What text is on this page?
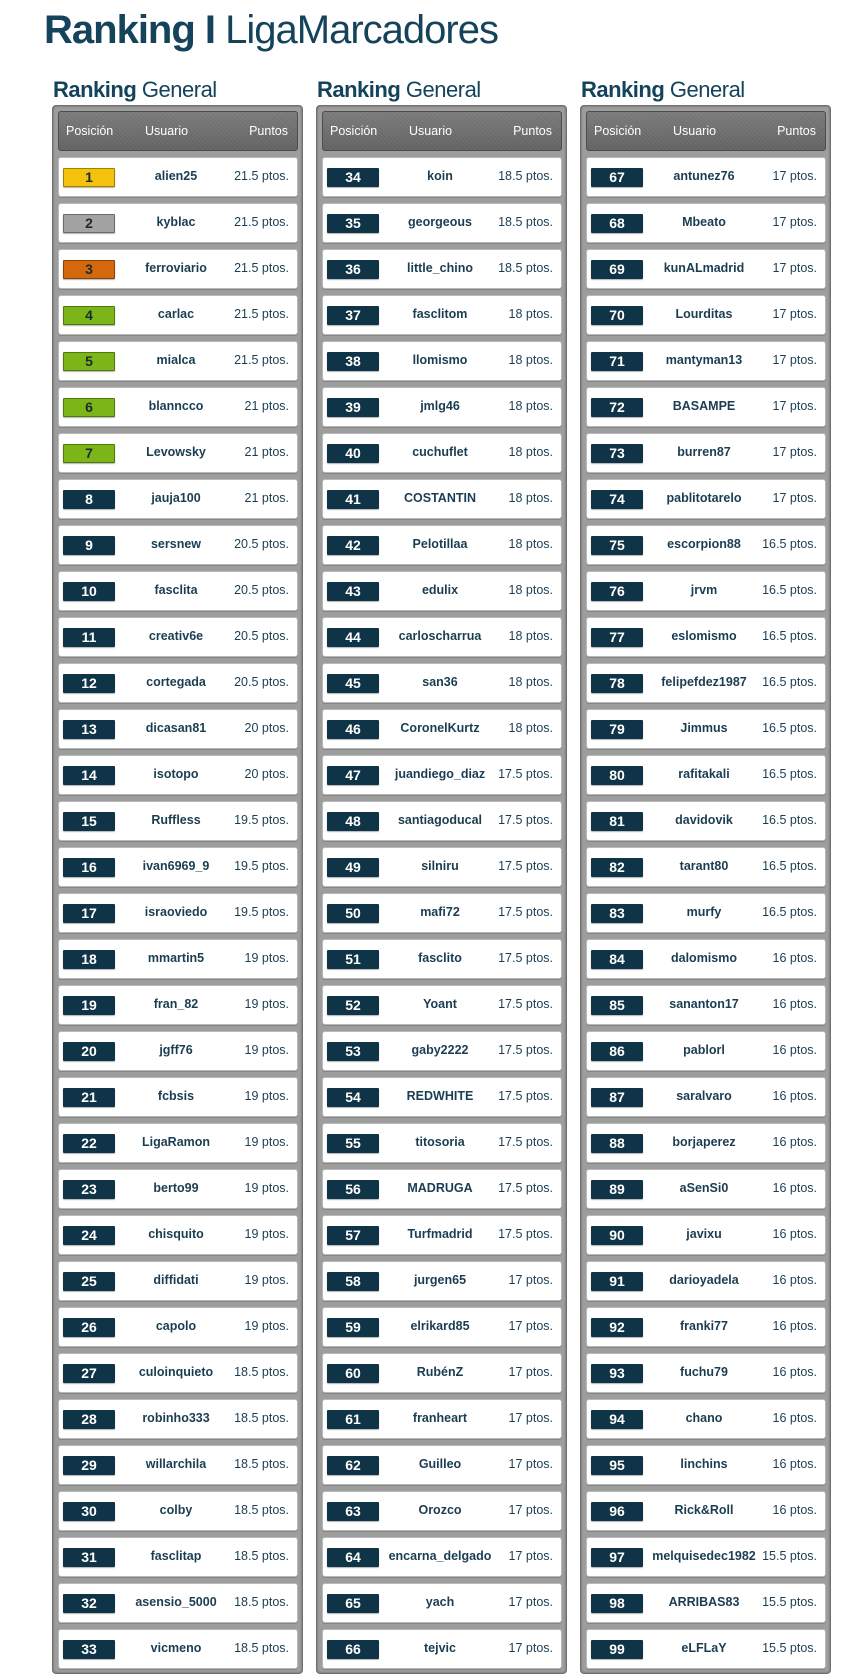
Ranking I LigaMarcadores
Ranking General
Posición	Usuario	Puntos
1	alien25	21.5 ptos.
2	kyblac	21.5 ptos.
3	ferroviario	21.5 ptos.
4	carlac	21.5 ptos.
5	mialca	21.5 ptos.
6	blanncco	21 ptos.
7	Levowsky	21 ptos.
8	jauja100	21 ptos.
9	sersnew	20.5 ptos.
10	fasclita	20.5 ptos.
11	creativ6e	20.5 ptos.
12	cortegada	20.5 ptos.
13	dicasan81	20 ptos.
14	isotopo	20 ptos.
15	Ruffless	19.5 ptos.
16	ivan6969_9	19.5 ptos.
17	israoviedo	19.5 ptos.
18	mmartin5	19 ptos.
19	fran_82	19 ptos.
20	jgff76	19 ptos.
21	fcbsis	19 ptos.
22	LigaRamon	19 ptos.
23	berto99	19 ptos.
24	chisquito	19 ptos.
25	diffidati	19 ptos.
26	capolo	19 ptos.
27	culoinquieto	18.5 ptos.
28	robinho333	18.5 ptos.
29	willarchila	18.5 ptos.
30	colby	18.5 ptos.
31	fasclitap	18.5 ptos.
32	asensio_5000	18.5 ptos.
33	vicmeno	18.5 ptos.
Ranking General
Posición	Usuario	Puntos
34	koin	18.5 ptos.
35	georgeous	18.5 ptos.
36	little_chino	18.5 ptos.
37	fasclitom	18 ptos.
38	llomismo	18 ptos.
39	jmlg46	18 ptos.
40	cuchuflet	18 ptos.
41	COSTANTIN	18 ptos.
42	Pelotillaa	18 ptos.
43	edulix	18 ptos.
44	carloscharrua	18 ptos.
45	san36	18 ptos.
46	CoronelKurtz	18 ptos.
47	juandiego_diaz	17.5 ptos.
48	santiagoducal	17.5 ptos.
49	silniru	17.5 ptos.
50	mafi72	17.5 ptos.
51	fasclito	17.5 ptos.
52	Yoant	17.5 ptos.
53	gaby2222	17.5 ptos.
54	REDWHITE	17.5 ptos.
55	titosoria	17.5 ptos.
56	MADRUGA	17.5 ptos.
57	Turfmadrid	17.5 ptos.
58	jurgen65	17 ptos.
59	elrikard85	17 ptos.
60	RubénZ	17 ptos.
61	franheart	17 ptos.
62	Guilleo	17 ptos.
63	Orozco	17 ptos.
64	encarna_delgado	17 ptos.
65	yach	17 ptos.
66	tejvic	17 ptos.
Ranking General
Posición	Usuario	Puntos
67	antunez76	17 ptos.
68	Mbeato	17 ptos.
69	kunALmadrid	17 ptos.
70	Lourditas	17 ptos.
71	mantyman13	17 ptos.
72	BASAMPE	17 ptos.
73	burren87	17 ptos.
74	pablitotarelo	17 ptos.
75	escorpion88	16.5 ptos.
76	jrvm	16.5 ptos.
77	eslomismo	16.5 ptos.
78	felipefdez1987	16.5 ptos.
79	Jimmus	16.5 ptos.
80	rafitakali	16.5 ptos.
81	davidovik	16.5 ptos.
82	tarant80	16.5 ptos.
83	murfy	16.5 ptos.
84	dalomismo	16 ptos.
85	sananton17	16 ptos.
86	pablorl	16 ptos.
87	saralvaro	16 ptos.
88	borjaperez	16 ptos.
89	aSenSi0	16 ptos.
90	javixu	16 ptos.
91	darioyadela	16 ptos.
92	franki77	16 ptos.
93	fuchu79	16 ptos.
94	chano	16 ptos.
95	linchins	16 ptos.
96	Rick&Roll	16 ptos.
97	melquisedec1982 15.5 ptos.
98	ARRIBAS83	15.5 ptos.
99	eLFLaY	15.5 ptos.
